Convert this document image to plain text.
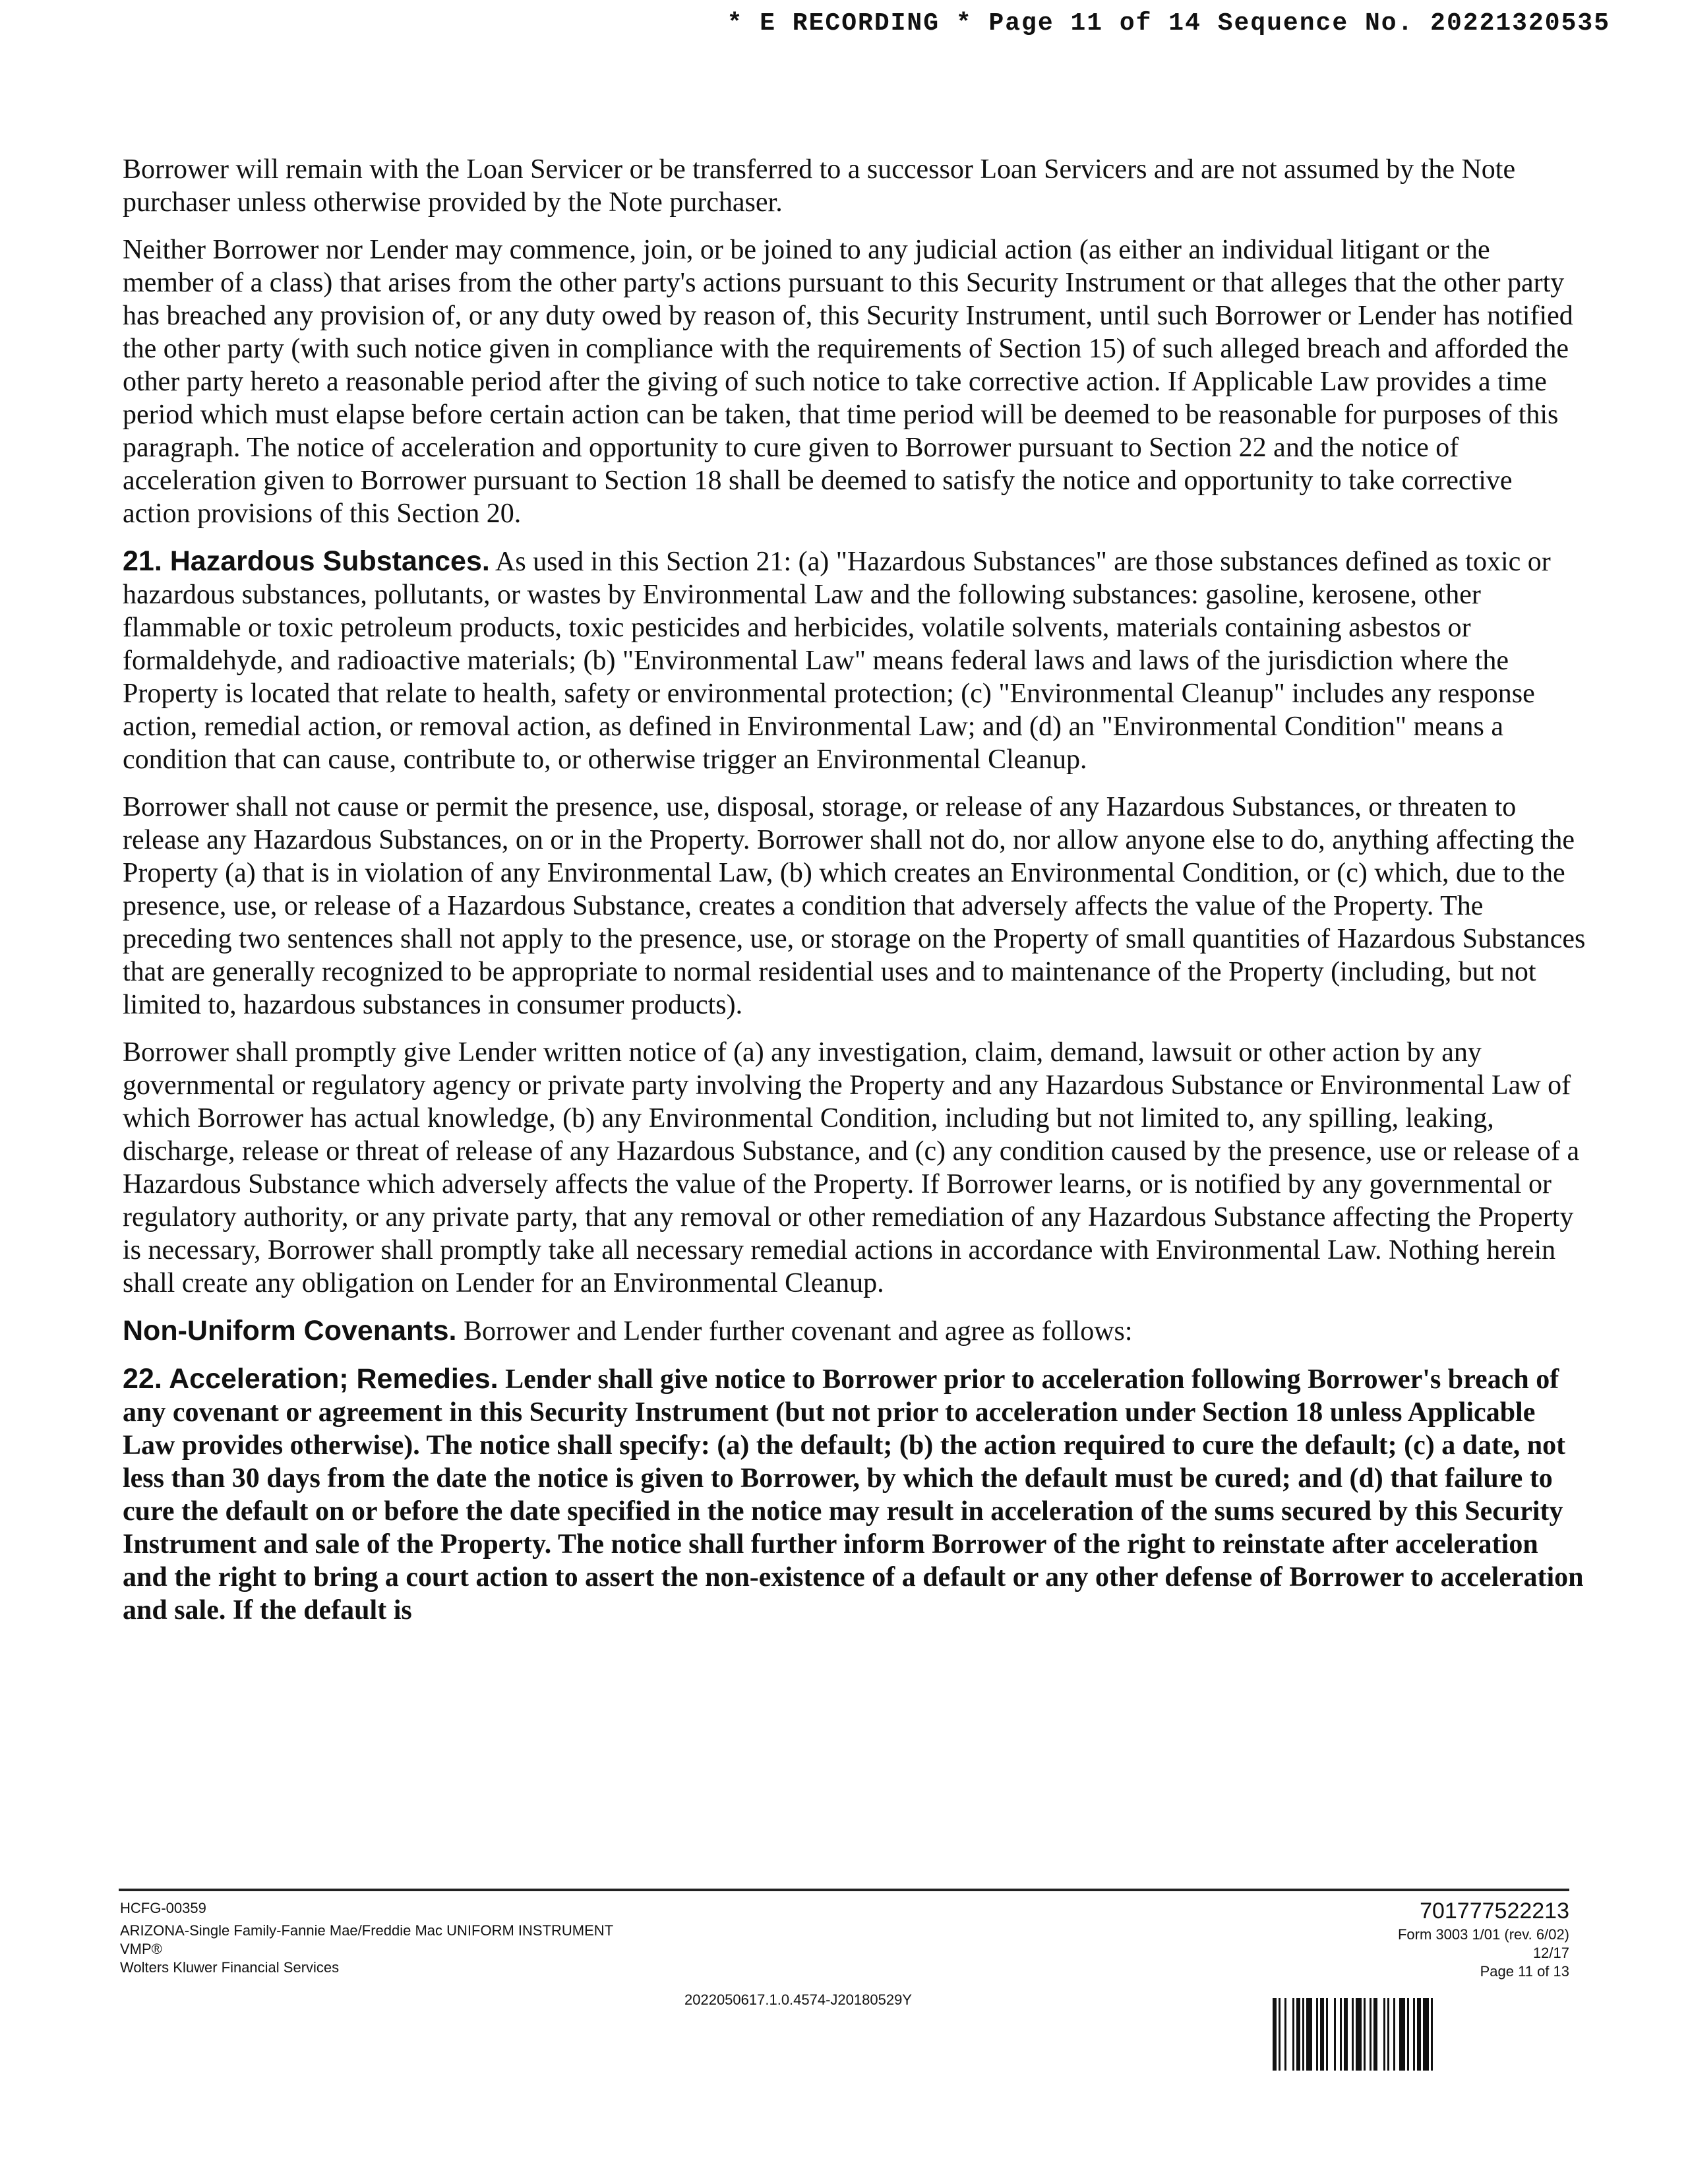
* E RECORDING * Page 11 of 14 Sequence No. 20221320535

Borrower will remain with the Loan Servicer or be transferred to a successor Loan Servicers and are not assumed by the Note purchaser unless otherwise provided by the Note purchaser.

Neither Borrower nor Lender may commence, join, or be joined to any judicial action (as either an individual litigant or the member of a class) that arises from the other party's actions pursuant to this Security Instrument or that alleges that the other party has breached any provision of, or any duty owed by reason of, this Security Instrument, until such Borrower or Lender has notified the other party (with such notice given in compliance with the requirements of Section 15) of such alleged breach and afforded the other party hereto a reasonable period after the giving of such notice to take corrective action. If Applicable Law provides a time period which must elapse before certain action can be taken, that time period will be deemed to be reasonable for purposes of this paragraph. The notice of acceleration and opportunity to cure given to Borrower pursuant to Section 22 and the notice of acceleration given to Borrower pursuant to Section 18 shall be deemed to satisfy the notice and opportunity to take corrective action provisions of this Section 20.

21. Hazardous Substances. As used in this Section 21: (a) "Hazardous Substances" are those substances defined as toxic or hazardous substances, pollutants, or wastes by Environmental Law and the following substances: gasoline, kerosene, other flammable or toxic petroleum products, toxic pesticides and herbicides, volatile solvents, materials containing asbestos or formaldehyde, and radioactive materials; (b) "Environmental Law" means federal laws and laws of the jurisdiction where the Property is located that relate to health, safety or environmental protection; (c) "Environmental Cleanup" includes any response action, remedial action, or removal action, as defined in Environmental Law; and (d) an "Environmental Condition" means a condition that can cause, contribute to, or otherwise trigger an Environmental Cleanup.

Borrower shall not cause or permit the presence, use, disposal, storage, or release of any Hazardous Substances, or threaten to release any Hazardous Substances, on or in the Property. Borrower shall not do, nor allow anyone else to do, anything affecting the Property (a) that is in violation of any Environmental Law, (b) which creates an Environmental Condition, or (c) which, due to the presence, use, or release of a Hazardous Substance, creates a condition that adversely affects the value of the Property. The preceding two sentences shall not apply to the presence, use, or storage on the Property of small quantities of Hazardous Substances that are generally recognized to be appropriate to normal residential uses and to maintenance of the Property (including, but not limited to, hazardous substances in consumer products).

Borrower shall promptly give Lender written notice of (a) any investigation, claim, demand, lawsuit or other action by any governmental or regulatory agency or private party involving the Property and any Hazardous Substance or Environmental Law of which Borrower has actual knowledge, (b) any Environmental Condition, including but not limited to, any spilling, leaking, discharge, release or threat of release of any Hazardous Substance, and (c) any condition caused by the presence, use or release of a Hazardous Substance which adversely affects the value of the Property. If Borrower learns, or is notified by any governmental or regulatory authority, or any private party, that any removal or other remediation of any Hazardous Substance affecting the Property is necessary, Borrower shall promptly take all necessary remedial actions in accordance with Environmental Law. Nothing herein shall create any obligation on Lender for an Environmental Cleanup.

Non-Uniform Covenants. Borrower and Lender further covenant and agree as follows:

22. Acceleration; Remedies. Lender shall give notice to Borrower prior to acceleration following Borrower's breach of any covenant or agreement in this Security Instrument (but not prior to acceleration under Section 18 unless Applicable Law provides otherwise). The notice shall specify: (a) the default; (b) the action required to cure the default; (c) a date, not less than 30 days from the date the notice is given to Borrower, by which the default must be cured; and (d) that failure to cure the default on or before the date specified in the notice may result in acceleration of the sums secured by this Security Instrument and sale of the Property. The notice shall further inform Borrower of the right to reinstate after acceleration and the right to bring a court action to assert the non-existence of a default or any other defense of Borrower to acceleration and sale. If the default is

HCFG-00359
ARIZONA-Single Family-Fannie Mae/Freddie Mac UNIFORM INSTRUMENT
VMP®
Wolters Kluwer Financial Services
2022050617.1.0.4574-J20180529Y
701777522213
Form 3003 1/01 (rev. 6/02)
12/17
Page 11 of 13
